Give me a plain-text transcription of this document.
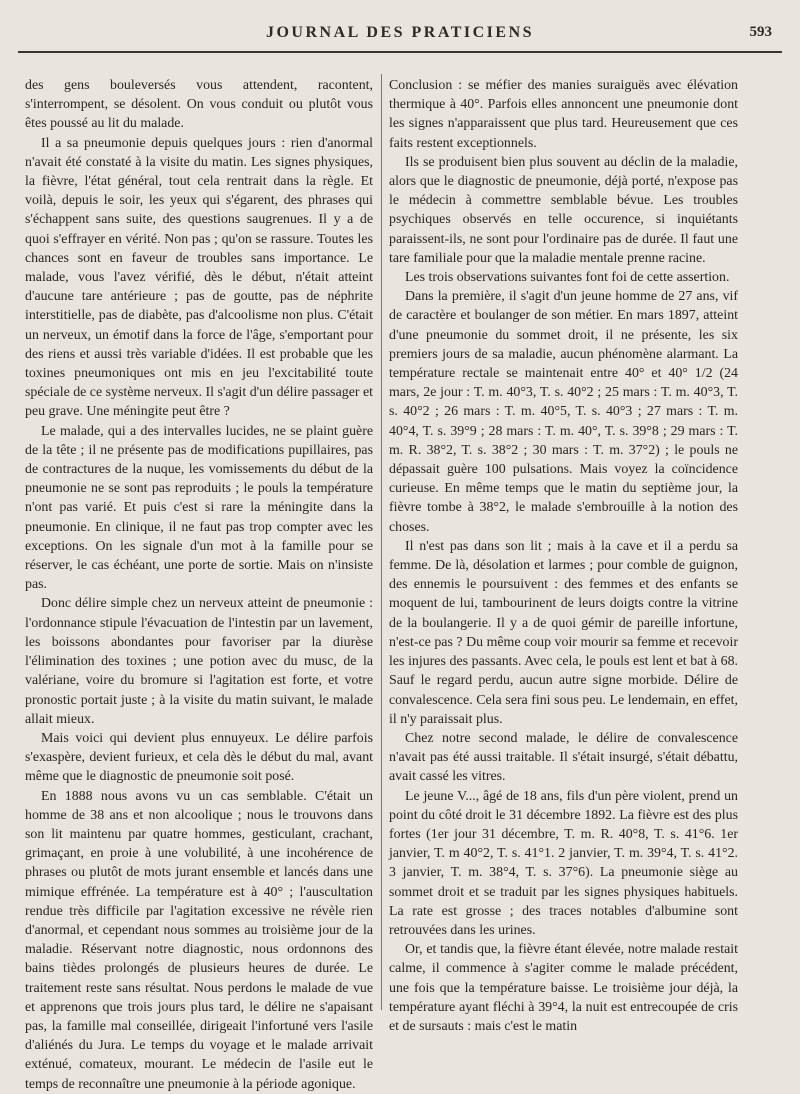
JOURNAL DES PRATICIENS	593

des gens bouleversés vous attendent, racontent, s'interrompent, se désolent. On vous conduit ou plutôt vous êtes poussé au lit du malade.

Il a sa pneumonie depuis quelques jours : rien d'anormal n'avait été constaté à la visite du matin. Les signes physiques, la fièvre, l'état général, tout cela rentrait dans la règle. Et voilà, depuis le soir, les yeux qui s'égarent, des phrases qui s'échappent sans suite, des questions saugrenues. Il y a de quoi s'effrayer en vérité. Non pas ; qu'on se rassure. Toutes les chances sont en faveur de troubles sans importance. Le malade, vous l'avez vérifié, dès le début, n'était atteint d'aucune tare antérieure ; pas de goutte, pas de néphrite interstitielle, pas de diabète, pas d'alcoolisme non plus. C'était un nerveux, un émotif dans la force de l'âge, s'emportant pour des riens et aussi très variable d'idées. Il est probable que les toxines pneumoniques ont mis en jeu l'excitabilité toute spéciale de ce système nerveux. Il s'agit d'un délire passager et peu grave. Une méningite peut être ?

Le malade, qui a des intervalles lucides, ne se plaint guère de la tête ; il ne présente pas de modifications pupillaires, pas de contractures de la nuque, les vomissements du début de la pneumonie ne se sont pas reproduits ; le pouls la température n'ont pas varié. Et puis c'est si rare la méningite dans la pneumonie. En clinique, il ne faut pas trop compter avec les exceptions. On les signale d'un mot à la famille pour se réserver, le cas échéant, une porte de sortie. Mais on n'insiste pas.

Donc délire simple chez un nerveux atteint de pneumonie : l'ordonnance stipule l'évacuation de l'intestin par un lavement, les boissons abondantes pour favoriser par la diurèse l'élimination des toxines ; une potion avec du musc, de la valériane, voire du bromure si l'agitation est forte, et votre pronostic portait juste ; à la visite du matin suivant, le malade allait mieux.

Mais voici qui devient plus ennuyeux. Le délire parfois s'exaspère, devient furieux, et cela dès le début du mal, avant même que le diagnostic de pneumonie soit posé.

En 1888 nous avons vu un cas semblable. C'était un homme de 38 ans et non alcoolique ; nous le trouvons dans son lit maintenu par quatre hommes, gesticulant, crachant, grimaçant, en proie à une volubilité, à une incohérence de phrases ou plutôt de mots jurant ensemble et lancés dans une mimique effrénée. La température est à 40° ; l'auscultation rendue très difficile par l'agitation excessive ne révèle rien d'anormal, et cependant nous sommes au troisième jour de la maladie. Réservant notre diagnostic, nous ordonnons des bains tièdes prolongés de plusieurs heures de durée. Le traitement reste sans résultat. Nous perdons le malade de vue et apprenons que trois jours plus tard, le délire ne s'apaisant pas, la famille mal conseillée, dirigeait l'infortuné vers l'asile d'aliénés du Jura. Le temps du voyage et le malade arrivait exténué, comateux, mourant. Le médecin de l'asile eut le temps de reconnaître une pneumonie à la période agonique.

Conclusion : se méfier des manies suraiguës avec élévation thermique à 40°. Parfois elles annoncent une pneumonie dont les signes n'apparaissent que plus tard. Heureusement que ces faits restent exceptionnels.

Ils se produisent bien plus souvent au déclin de la maladie, alors que le diagnostic de pneumonie, déjà porté, n'expose pas le médecin à commettre semblable bévue. Les troubles psychiques observés en telle occurence, si inquiétants paraissent-ils, ne sont pour l'ordinaire pas de durée. Il faut une tare familiale pour que la maladie mentale prenne racine.

Les trois observations suivantes font foi de cette assertion.

Dans la première, il s'agit d'un jeune homme de 27 ans, vif de caractère et boulanger de son métier. En mars 1897, atteint d'une pneumonie du sommet droit, il ne présente, les six premiers jours de sa maladie, aucun phénomène alarmant. La température rectale se maintenait entre 40° et 40° 1/2 (24 mars, 2e jour : T. m. 40°3, T. s. 40°2 ; 25 mars : T. m. 40°3, T. s. 40°2 ; 26 mars : T. m. 40°5, T. s. 40°3 ; 27 mars : T. m. 40°4, T. s. 39°9 ; 28 mars : T. m. 40°, T. s. 39°8 ; 29 mars : T. m. R. 38°2, T. s. 38°2 ; 30 mars : T. m. 37°2) ; le pouls ne dépassait guère 100 pulsations. Mais voyez la coïncidence curieuse. En même temps que le matin du septième jour, la fièvre tombe à 38°2, le malade s'embrouille à la notion des choses.

Il n'est pas dans son lit ; mais à la cave et il a perdu sa femme. De là, désolation et larmes ; pour comble de guignon, des ennemis le poursuivent : des femmes et des enfants se moquent de lui, tambourinent de leurs doigts contre la vitrine de la boulangerie. Il y a de quoi gémir de pareille infortune, n'est-ce pas ? Du même coup voir mourir sa femme et recevoir les injures des passants. Avec cela, le pouls est lent et bat à 68. Sauf le regard perdu, aucun autre signe morbide. Délire de convalescence. Cela sera fini sous peu. Le lendemain, en effet, il n'y paraissait plus.

Chez notre second malade, le délire de convalescence n'avait pas été aussi traitable. Il s'était insurgé, s'était débattu, avait cassé les vitres.

Le jeune V..., âgé de 18 ans, fils d'un père violent, prend un point du côté droit le 31 décembre 1892. La fièvre est des plus fortes (1er jour 31 décembre, T. m. R. 40°8, T. s. 41°6. 1er janvier, T. m 40°2, T. s. 41°1. 2 janvier, T. m. 39°4, T. s. 41°2. 3 janvier, T. m. 38°4, T. s. 37°6). La pneumonie siège au sommet droit et se traduit par les signes physiques habituels. La rate est grosse ; des traces notables d'albumine sont retrouvées dans les urines.

Or, et tandis que, la fièvre étant élevée, notre malade restait calme, il commence à s'agiter comme le malade précédent, une fois que la température baisse. Le troisième jour déjà, la température ayant fléchi à 39°4, la nuit est entrecoupée de cris et de sursauts : mais c'est le matin
